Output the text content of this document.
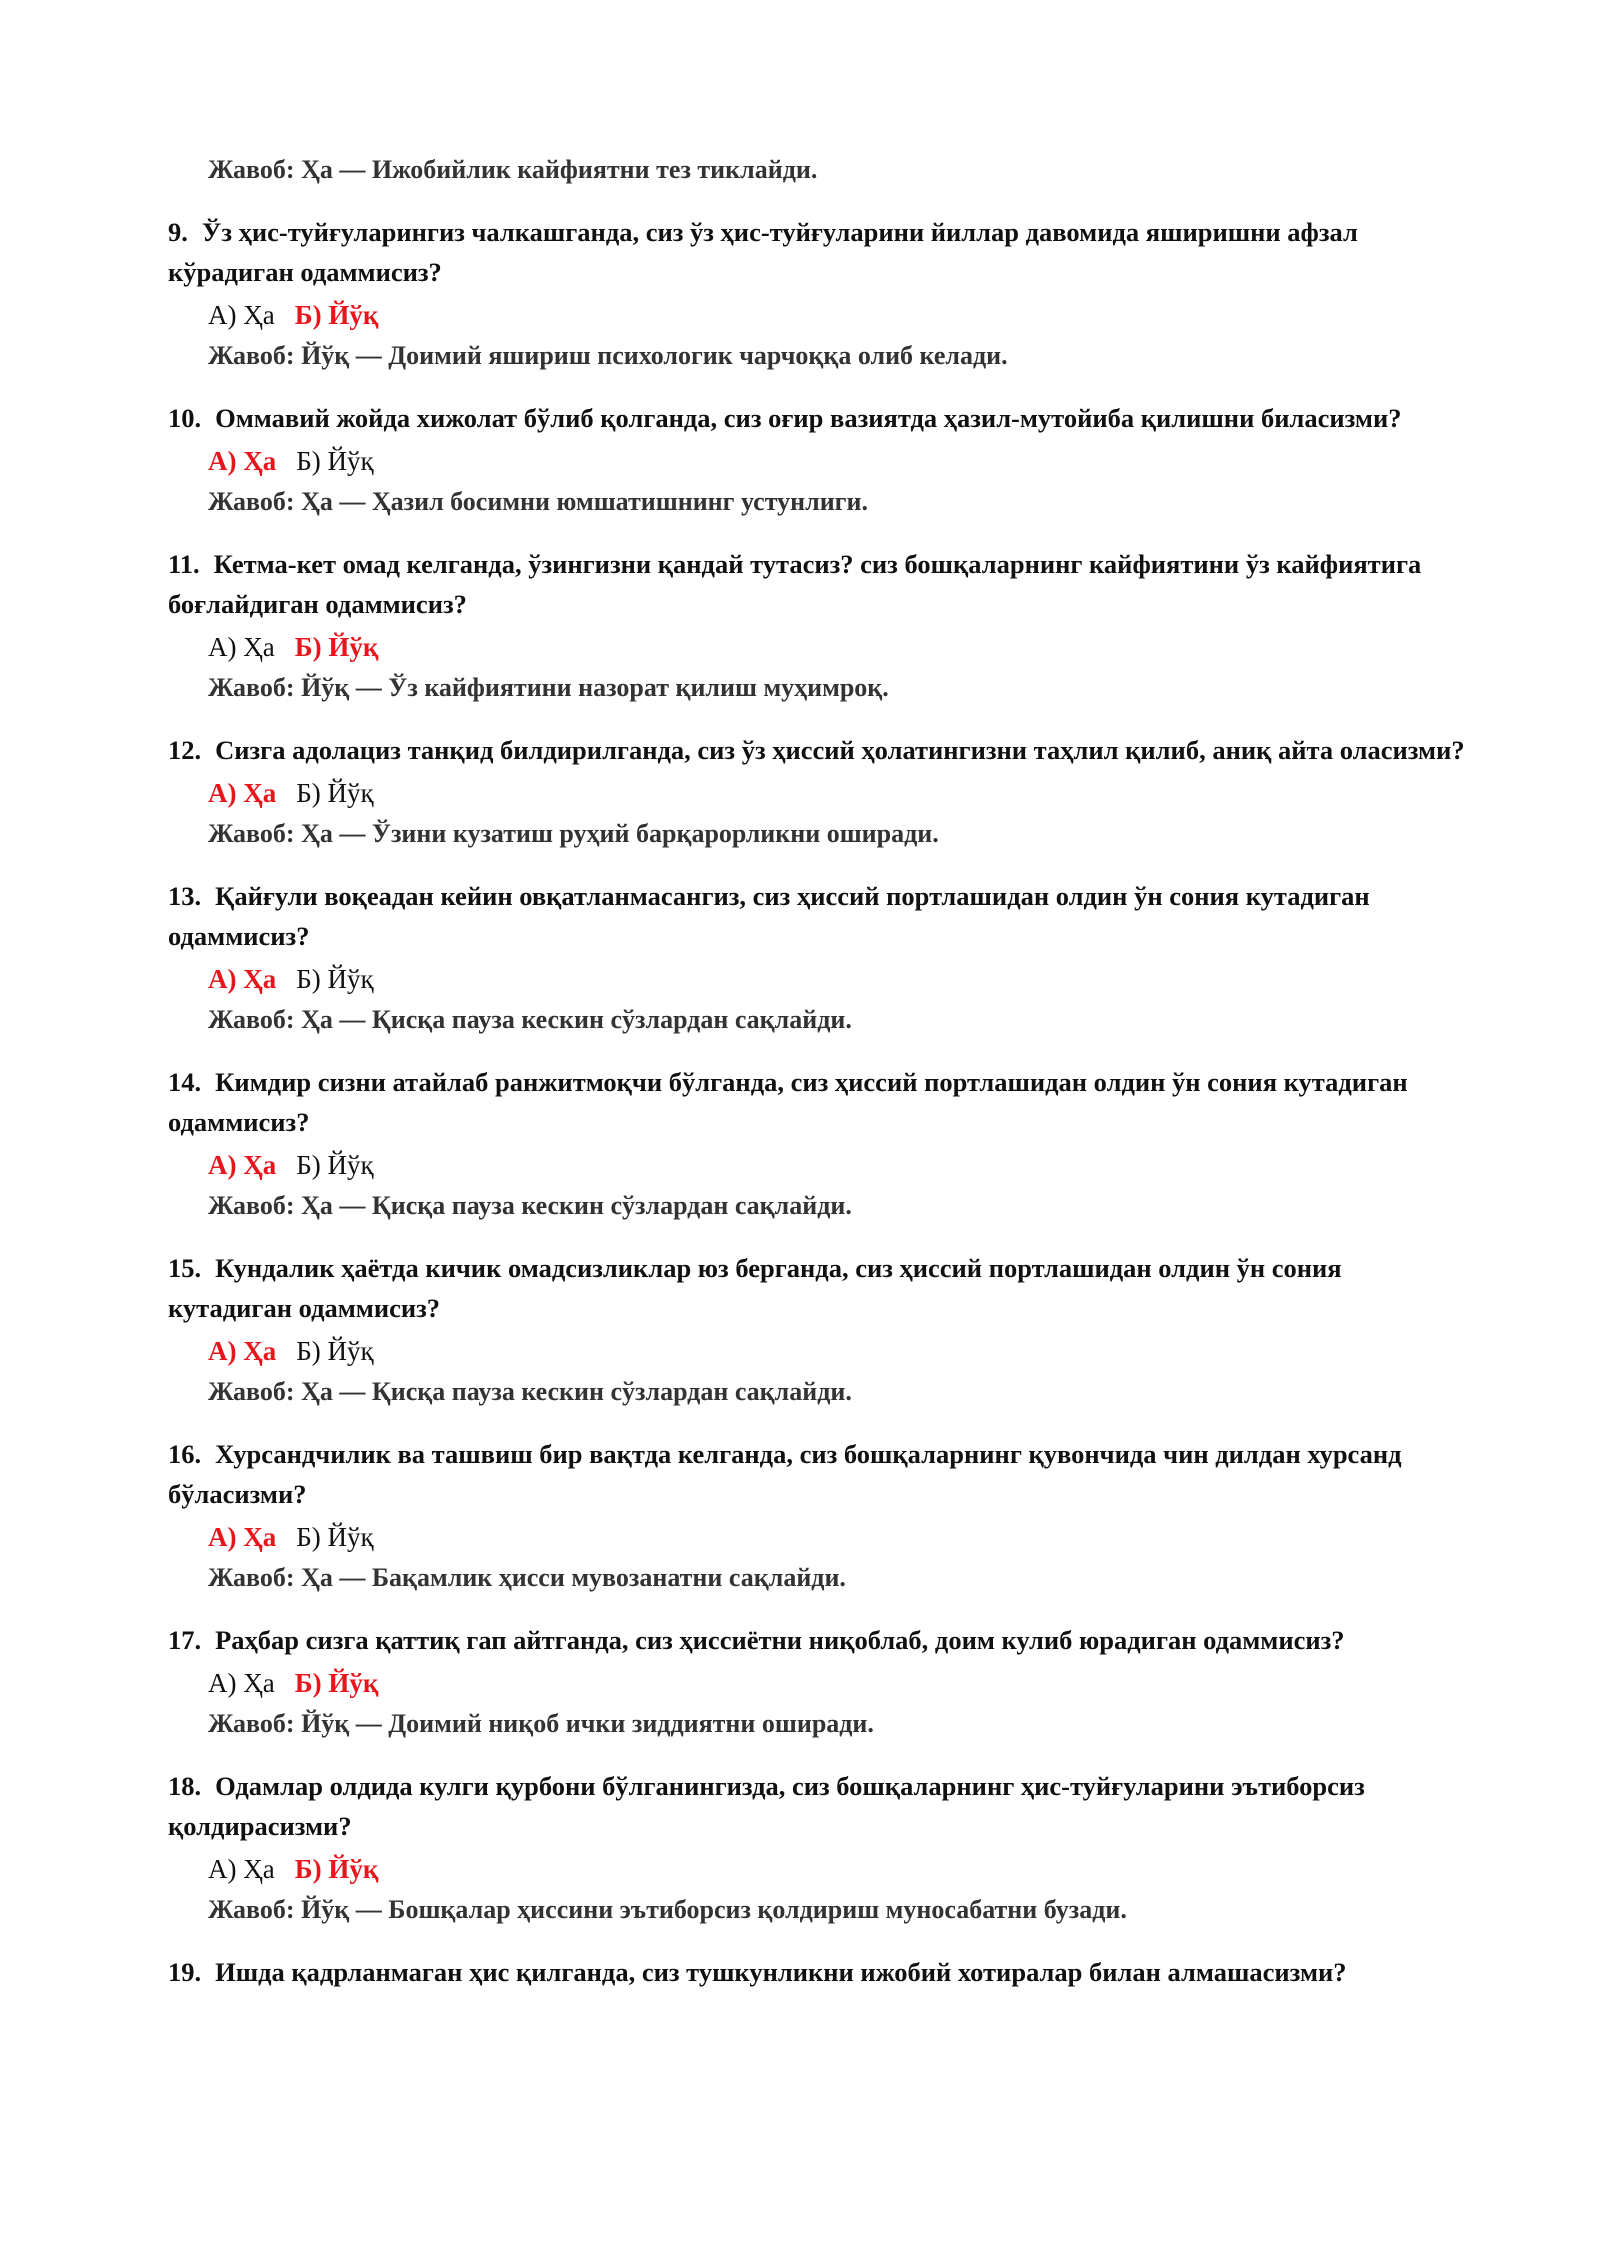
Жавоб: Ҳа — Ижобийлик кайфиятни тез тиклайди.
9. Ўз ҳис-туйғуларингиз чалкашганда, сиз ўз ҳис-туйғуларини йиллар давомида яширишни афзал кўрадиган одаммисиз?
А) Ҳа Б) Йўқ
Жавоб: Йўқ — Доимий яшириш психологик чарчоққа олиб келади.
10. Оммавий жойда хижолат бўлиб қолганда, сиз оғир вазиятда ҳазил-мутойиба қилишни биласизми?
А) Ҳа Б) Йўқ
Жавоб: Ҳа — Ҳазил босимни юмшатишнинг устунлиги.
11. Кетма-кет омад келганда, ўзингизни қандай тутасиз? сиз бошқаларнинг кайфиятини ўз кайфиятига боғлайдиган одаммисиз?
А) Ҳа Б) Йўқ
Жавоб: Йўқ — Ўз кайфиятини назорат қилиш муҳимроқ.
12. Сизга адолациз танқид билдирилганда, сиз ўз ҳиссий ҳолатингизни таҳлил қилиб, аниқ айта оласизми?
А) Ҳа Б) Йўқ
Жавоб: Ҳа — Ўзини кузатиш руҳий барқарорликни оширади.
13. Қайғули воқеадан кейин овқатланмасангиз, сиз ҳиссий портлашидан олдин ўн сония кутадиган одаммисиз?
А) Ҳа Б) Йўқ
Жавоб: Ҳа — Қисқа пауза кескин сўзлардан сақлайди.
14. Кимдир сизни атайлаб ранжитмоқчи бўлганда, сиз ҳиссий портлашидан олдин ўн сония кутадиган одаммисиз?
А) Ҳа Б) Йўқ
Жавоб: Ҳа — Қисқа пауза кескин сўзлардан сақлайди.
15. Кундалик ҳаётда кичик омадсизликлар юз берганда, сиз ҳиссий портлашидан олдин ўн сония кутадиган одаммисиз?
А) Ҳа Б) Йўқ
Жавоб: Ҳа — Қисқа пауза кескин сўзлардан сақлайди.
16. Хурсандчилик ва ташвиш бир вақтда келганда, сиз бошқаларнинг қувончида чин дилдан хурсанд бўласизми?
А) Ҳа Б) Йўқ
Жавоб: Ҳа — Бақамлик ҳисси мувозанатни сақлайди.
17. Раҳбар сизга қаттиқ гап айтганда, сиз ҳиссиётни ниқоблаб, доим кулиб юрадиган одаммисиз?
А) Ҳа Б) Йўқ
Жавоб: Йўқ — Доимий ниқоб ички зиддиятни оширади.
18. Одамлар олдида кулги қурбони бўлганингизда, сиз бошқаларнинг ҳис-туйғуларини эътиборсиз қолдирасизми?
А) Ҳа Б) Йўқ
Жавоб: Йўқ — Бошқалар ҳиссини эътиборсиз қолдириш муносабатни бузади.
19. Ишда қадрланмаган ҳис қилганда, сиз тушкунликни ижобий хотиралар билан алмашасизми?
